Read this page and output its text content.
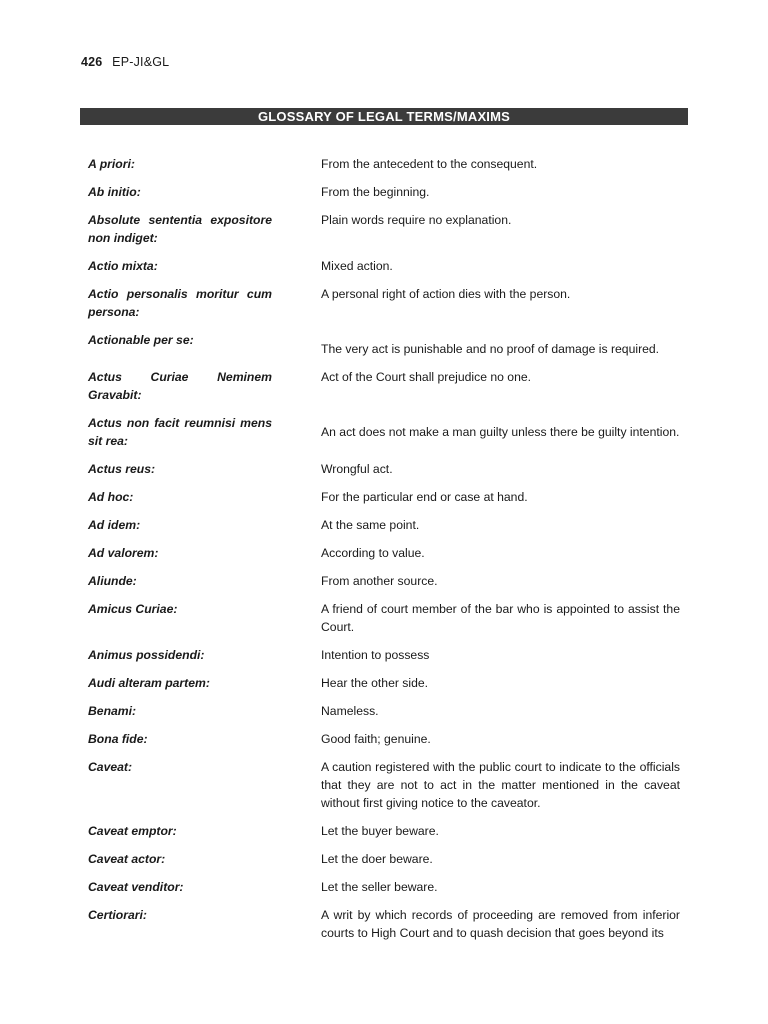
426 EP-JI&GL
GLOSSARY OF LEGAL TERMS/MAXIMS
A priori:	From the antecedent to the consequent.
Ab initio:	From the beginning.
Absolute sententia expositore non indiget:
Plain words require no explanation.
Actio mixta:	Mixed action.
Actio personalis moritur cum persona:
A personal right of action dies with the person.
Actionable per se:
The very act is punishable and no proof of damage is required.
Actus Curiae Neminem Gravabit:
Act of the Court shall prejudice no one.
Actus non facit reumnisi mens sit rea:
An act does not make a man guilty unless there be guilty intention.
Actus reus:	Wrongful act.
Ad hoc:	For the particular end or case at hand.
Ad idem:	At the same point.
Ad valorem:	According to value.
Aliunde:	From another source.
Amicus Curiae:	A friend of court member of the bar who is appointed to assist the Court.
Animus possidendi:	Intention to possess
Audi alteram partem:	Hear the other side.
Benami:	Nameless.
Bona fide:	Good faith; genuine.
Caveat:	A caution registered with the public court to indicate to the officials that they are not to act in the matter mentioned in the caveat without first giving notice to the caveator.
Caveat emptor:	Let the buyer beware.
Caveat actor:	Let the doer beware.
Caveat venditor:	Let the seller beware.
Certiorari:	A writ by which records of proceeding are removed from inferior courts to High Court and to quash decision that goes beyond its
